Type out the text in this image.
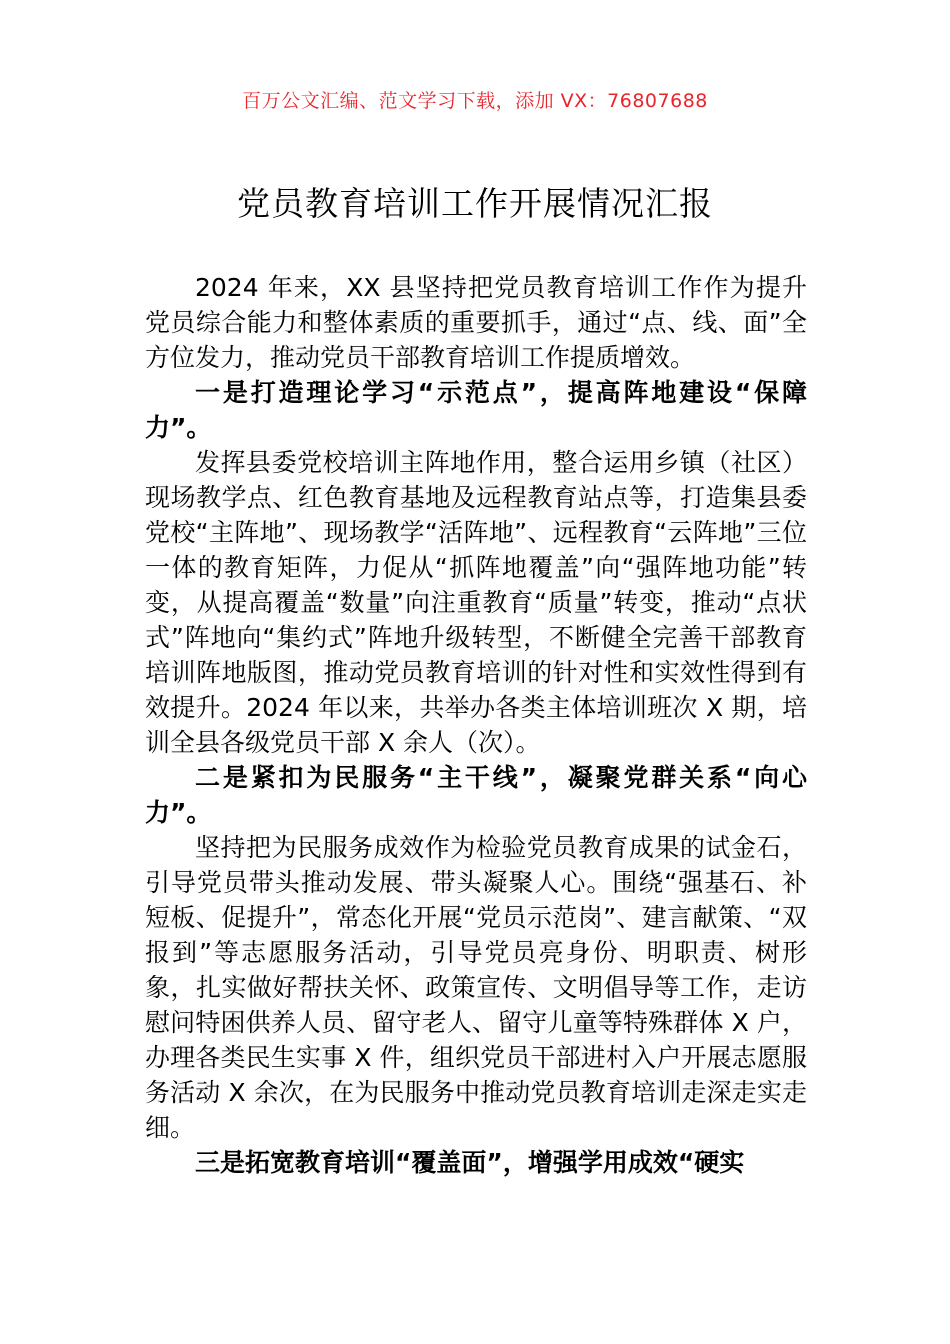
百万公文汇编、范文学习下载，添加 VX：76807688
党员教育培训工作开展情况汇报

2024 年来，XX 县坚持把党员教育培训工作作为提升党员综合能力和整体素质的重要抓手，通过“点、线、面”全方位发力，推动党员干部教育培训工作提质增效。

一是打造理论学习“示范点”，提高阵地建设“保障力”。

发挥县委党校培训主阵地作用，整合运用乡镇（社区）现场教学点、红色教育基地及远程教育站点等，打造集县委党校“主阵地”、现场教学“活阵地”、远程教育“云阵地”三位一体的教育矩阵，力促从“抓阵地覆盖”向“强阵地功能”转变，从提高覆盖“数量”向注重教育“质量”转变，推动“点状式”阵地向“集约式”阵地升级转型，不断健全完善干部教育培训阵地版图，推动党员教育培训的针对性和实效性得到有效提升。2024 年以来，共举办各类主体培训班次 X 期，培训全县各级党员干部 X 余人（次）。

二是紧扣为民服务“主干线”，凝聚党群关系“向心力”。

坚持把为民服务成效作为检验党员教育成果的试金石，引导党员带头推动发展、带头凝聚人心。围绕“强基石、补短板、促提升”，常态化开展“党员示范岗”、建言献策、“双报到”等志愿服务活动，引导党员亮身份、明职责、树形象，扎实做好帮扶关怀、政策宣传、文明倡导等工作，走访慰问特困供养人员、留守老人、留守儿童等特殊群体 X 户，办理各类民生实事 X 件，组织党员干部进村入户开展志愿服务活动 X 余次，在为民服务中推动党员教育培训走深走实走细。

三是拓宽教育培训“覆盖面”，增强学用成效“硬实
